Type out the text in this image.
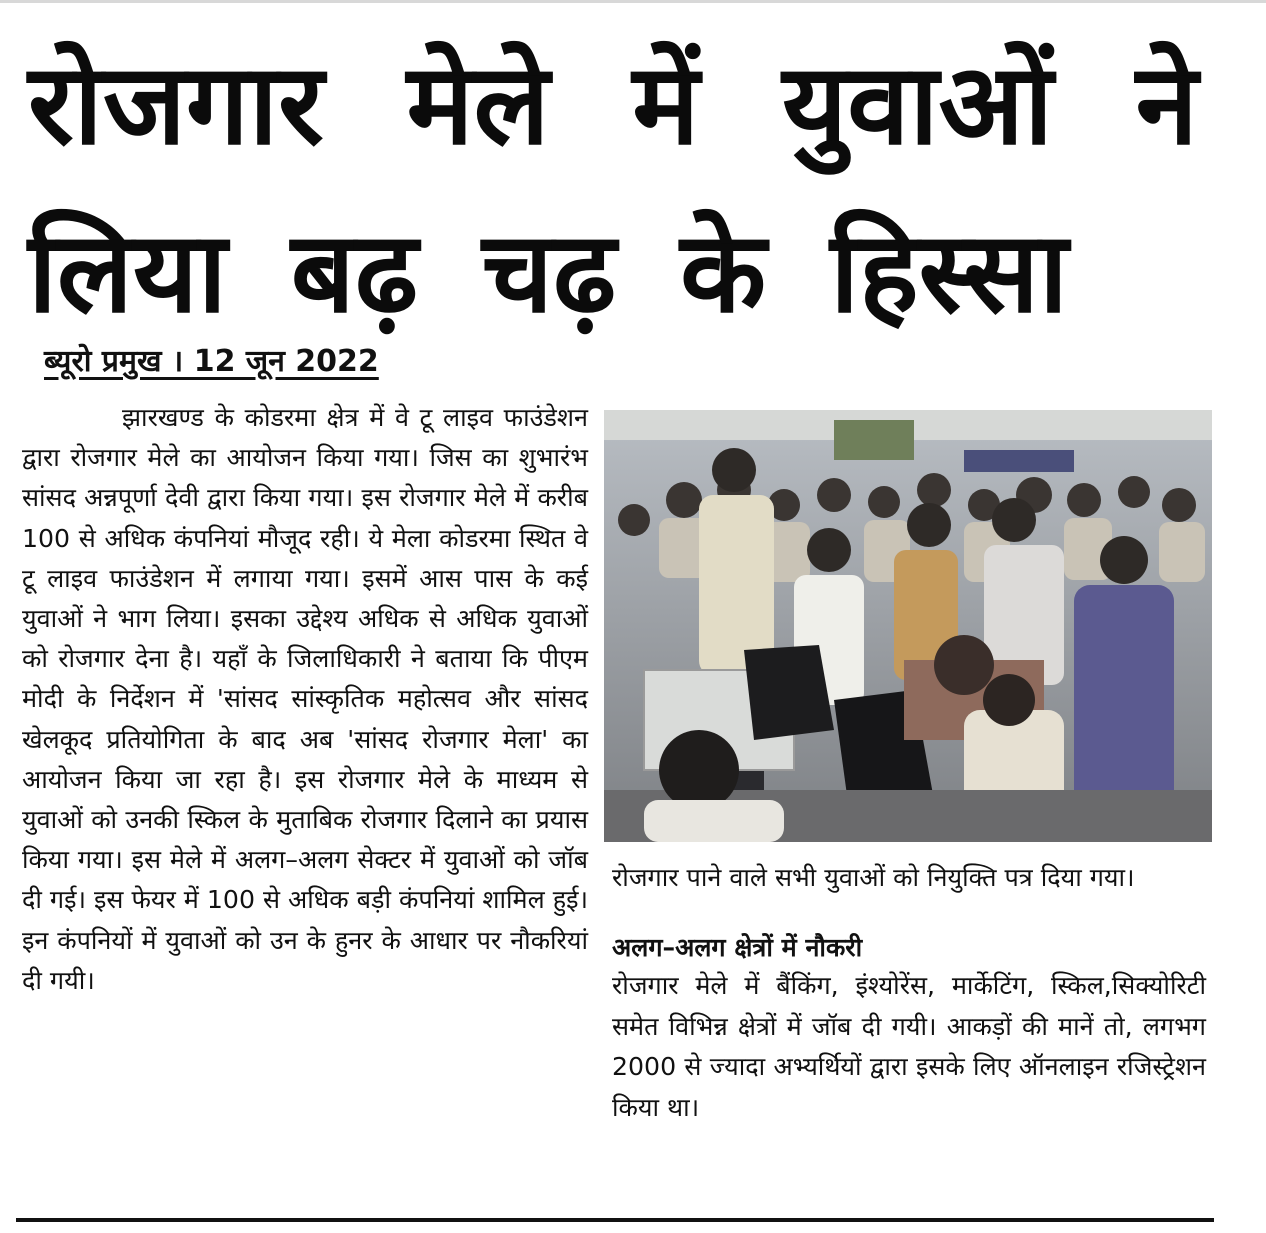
रोजगार मेले में युवाओं ने
लिया बढ़ चढ़ के हिस्सा
ब्यूरो प्रमुख । 12 जून 2022

झारखण्ड के कोडरमा क्षेत्र में वे टू लाइव फाउंडेशन द्वारा रोजगार मेले का आयोजन किया गया। जिस का शुभारंभ सांसद अन्नपूर्णा देवी द्वारा किया गया। इस रोजगार मेले में करीब 100 से अधिक कंपनियां मौजूद रही। ये मेला कोडरमा स्थित वे टू लाइव फाउंडेशन में लगाया गया। इसमें आस पास के कई युवाओं ने भाग लिया। इसका उद्देश्य अधिक से अधिक युवाओं को रोजगार देना है। यहाँ के जिलाधिकारी ने बताया कि पीएम मोदी के निर्देशन में 'सांसद सांस्कृतिक महोत्सव और सांसद खेलकूद प्रतियोगिता के बाद अब 'सांसद रोजगार मेला' का आयोजन किया जा रहा है। इस रोजगार मेले के माध्यम से युवाओं को उनकी स्किल के मुताबिक रोजगार दिलाने का प्रयास किया गया। इस मेले में अलग–अलग सेक्टर में युवाओं को जॉब दी गई। इस फेयर में 100 से अधिक बड़ी कंपनियां शामिल हुई। इन कंपनियों में युवाओं को उन के हुनर के आधार पर नौकरियां दी गयी।

रोजगार पाने वाले सभी युवाओं को नियुक्ति पत्र दिया गया।

अलग–अलग क्षेत्रों में नौकरी

रोजगार मेले में बैंकिंग, इंश्योरेंस, मार्केटिंग, स्किल,सिक्योरिटी समेत विभिन्न क्षेत्रों में जॉब दी गयी। आकड़ों की मानें तो, लगभग 2000 से ज्यादा अभ्यर्थियों द्वारा इसके लिए ऑनलाइन रजिस्ट्रेशन किया था।
